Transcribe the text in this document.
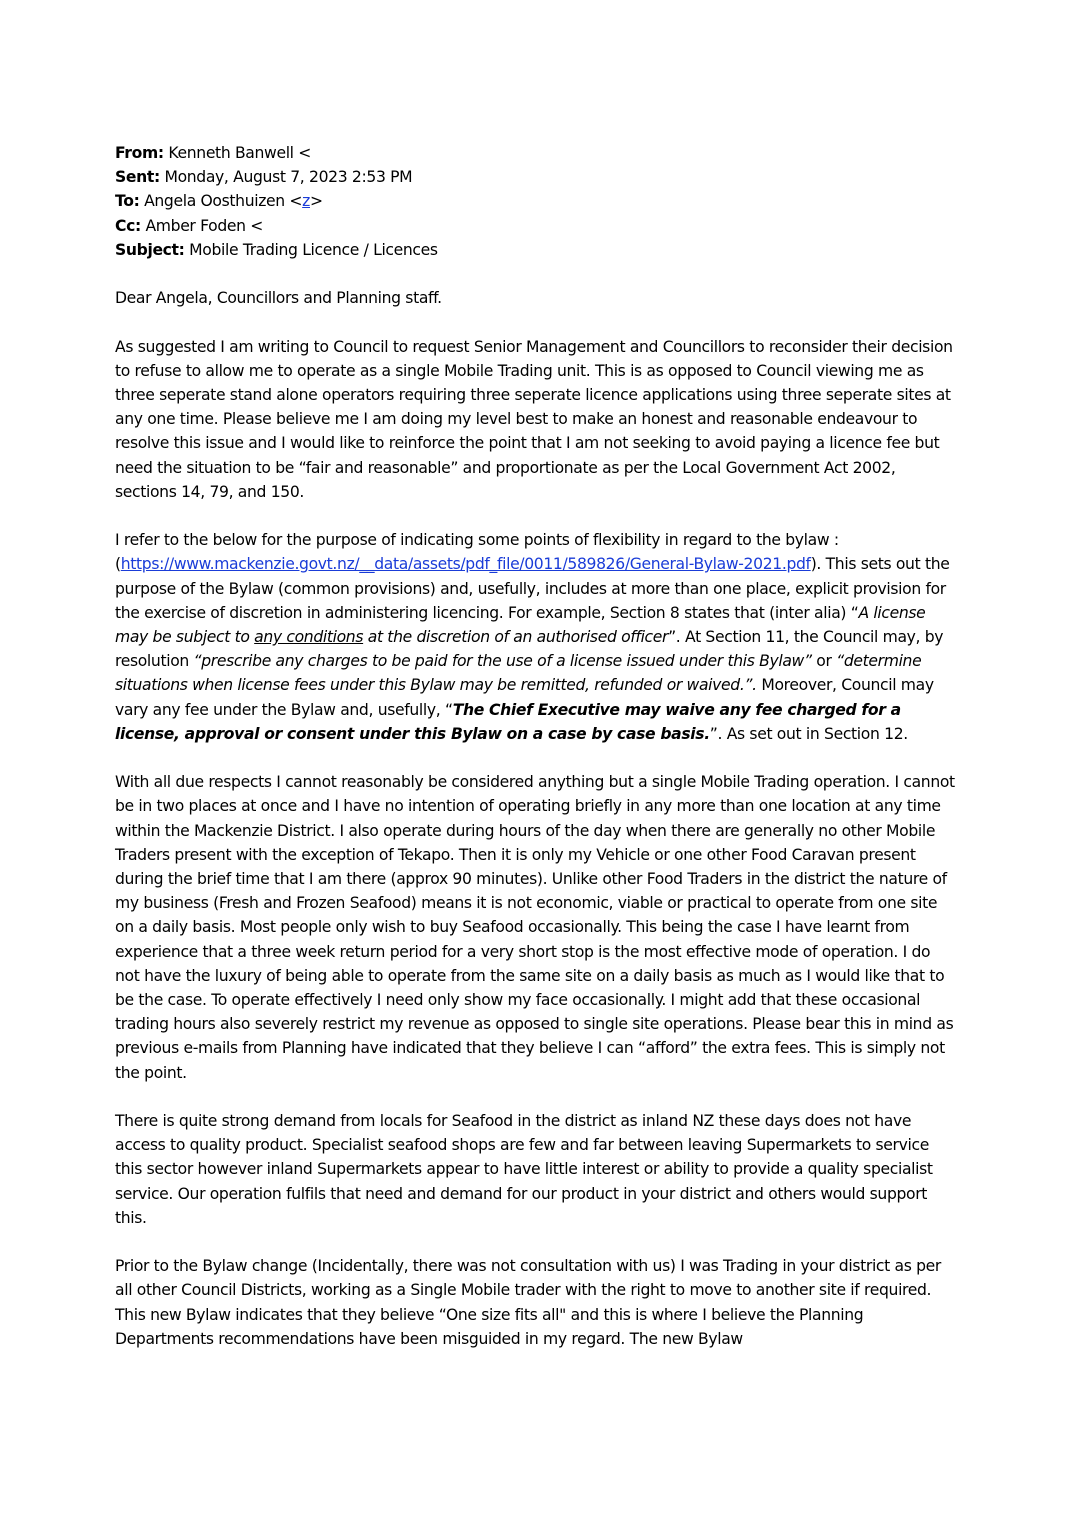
From: Kenneth Banwell <
Sent: Monday, August 7, 2023 2:53 PM
To: Angela Oosthuizen <z>
Cc: Amber Foden <
Subject: Mobile Trading Licence / Licences

Dear Angela, Councillors and Planning staff.

As suggested I am writing to Council to request Senior Management and Councillors to reconsider their decision to refuse to allow me to operate as a single Mobile Trading unit. This is as opposed to Council viewing me as three seperate stand alone operators requiring three seperate licence applications using three seperate sites at any one time. Please believe me I am doing my level best to make an honest and reasonable endeavour to resolve this issue and I would like to reinforce the point that I am not seeking to avoid paying a licence fee but need the situation to be “fair and reasonable” and proportionate as per the Local Government Act 2002, sections 14, 79, and 150.

I refer to the below for the purpose of indicating some points of flexibility in regard to the bylaw : (https://www.mackenzie.govt.nz/__data/assets/pdf_file/0011/589826/General-Bylaw-2021.pdf). This sets out the purpose of the Bylaw (common provisions) and, usefully, includes at more than one place, explicit provision for the exercise of discretion in administering licencing. For example, Section 8 states that (inter alia) “A license may be subject to any conditions at the discretion of an authorised officer”. At Section 11, the Council may, by resolution “prescribe any charges to be paid for the use of a license issued under this Bylaw” or “determine situations when license fees under this Bylaw may be remitted, refunded or waived.”. Moreover, Council may vary any fee under the Bylaw and, usefully, “The Chief Executive may waive any fee charged for a license, approval or consent under this Bylaw on a case by case basis.”. As set out in Section 12.

With all due respects I cannot reasonably be considered anything but a single Mobile Trading operation. I cannot be in two places at once and I have no intention of operating briefly in any more than one location at any time within the Mackenzie District. I also operate during hours of the day when there are generally no other Mobile Traders present with the exception of Tekapo. Then it is only my Vehicle or one other Food Caravan present during the brief time that I am there (approx 90 minutes). Unlike other Food Traders in the district the nature of my business (Fresh and Frozen Seafood) means it is not economic, viable or practical to operate from one site on a daily basis. Most people only wish to buy Seafood occasionally. This being the case I have learnt from experience that a three week return period for a very short stop is the most effective mode of operation. I do not have the luxury of being able to operate from the same site on a daily basis as much as I would like that to be the case. To operate effectively I need only show my face occasionally. I might add that these occasional trading hours also severely restrict my revenue as opposed to single site operations. Please bear this in mind as previous e-mails from Planning have indicated that they believe I can “afford” the extra fees. This is simply not the point.

There is quite strong demand from locals for Seafood in the district as inland NZ these days does not have access to quality product. Specialist seafood shops are few and far between leaving Supermarkets to service this sector however inland Supermarkets appear to have little interest or ability to provide a quality specialist service. Our operation fulfils that need and demand for our product in your district and others would support this.

Prior to the Bylaw change (Incidentally, there was not consultation with us) I was Trading in your district as per all other Council Districts, working as a Single Mobile trader with the right to move to another site if required. This new Bylaw indicates that they believe “One size fits all" and this is where I believe the Planning Departments recommendations have been misguided in my regard. The new Bylaw
